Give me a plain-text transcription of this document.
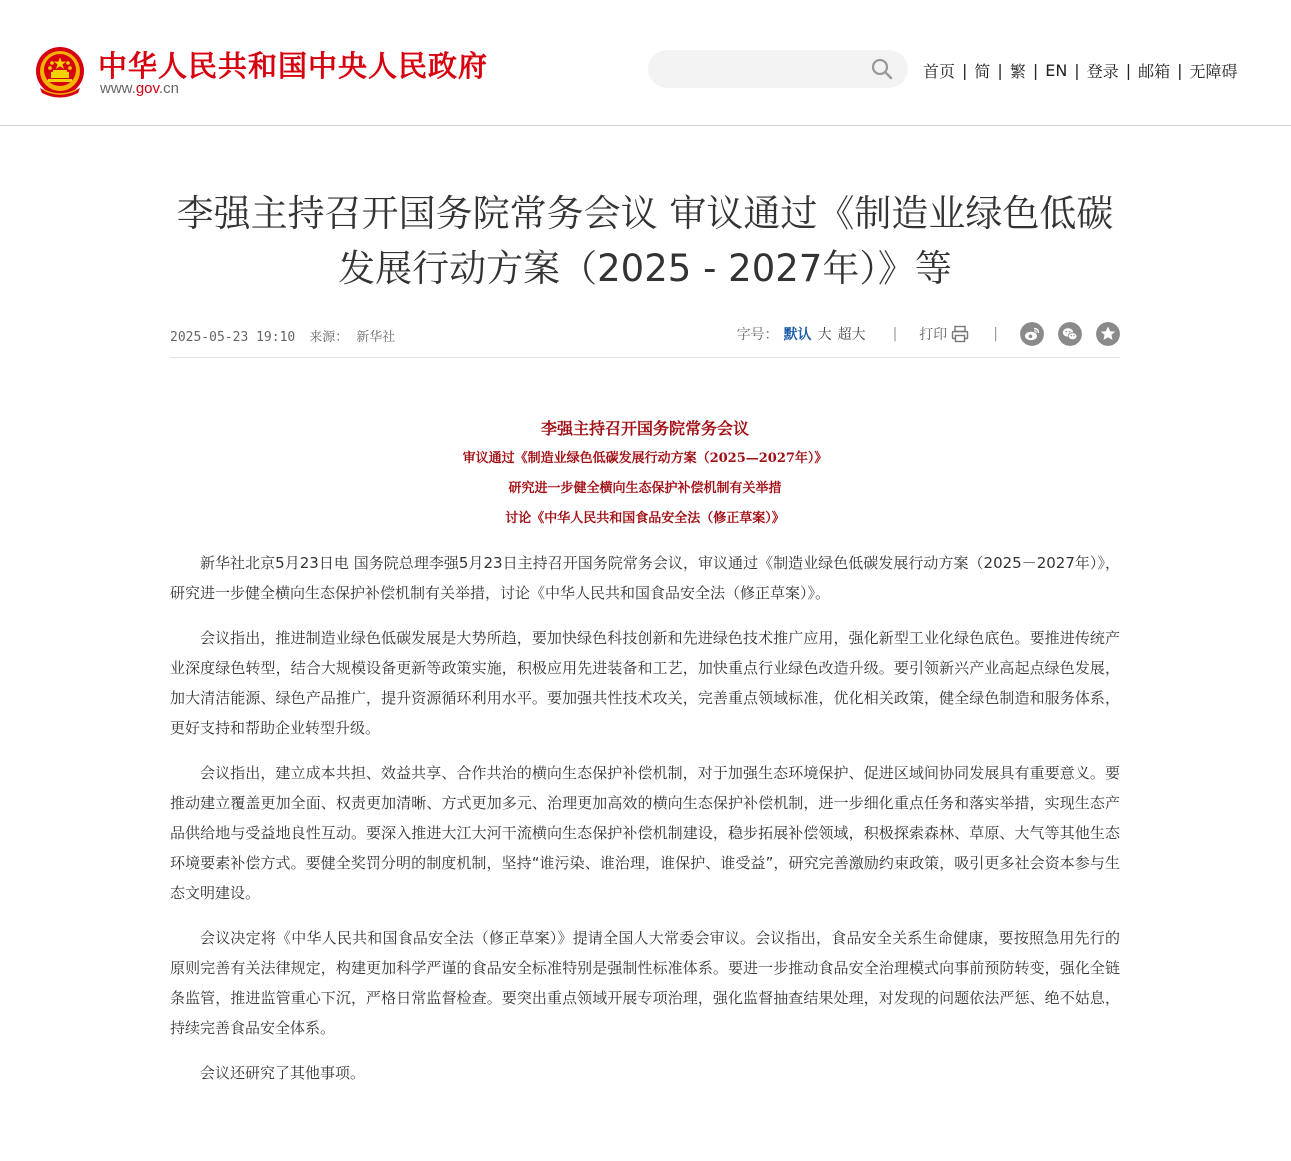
中华人民共和国中央人民政府
www.gov.cn
首页 | 简 | 繁 | EN | 登录 | 邮箱 | 无障碍
李强主持召开国务院常务会议 审议通过《制造业绿色低碳发展行动方案（2025 - 2027年）》等
2025-05-23 19:10 来源： 新华社	字号： 默认 大 超大 | 打印	|
李强主持召开国务院常务会议
审议通过《制造业绿色低碳发展行动方案（2025—2027年）》
研究进一步健全横向生态保护补偿机制有关举措
讨论《中华人民共和国食品安全法（修正草案）》

新华社北京5月23日电 国务院总理李强5月23日主持召开国务院常务会议，审议通过《制造业绿色低碳发展行动方案（2025－2027年）》，研究进一步健全横向生态保护补偿机制有关举措，讨论《中华人民共和国食品安全法（修正草案）》。

会议指出，推进制造业绿色低碳发展是大势所趋，要加快绿色科技创新和先进绿色技术推广应用，强化新型工业化绿色底色。要推进传统产业深度绿色转型，结合大规模设备更新等政策实施，积极应用先进装备和工艺，加快重点行业绿色改造升级。要引领新兴产业高起点绿色发展，加大清洁能源、绿色产品推广，提升资源循环利用水平。要加强共性技术攻关，完善重点领域标准，优化相关政策，健全绿色制造和服务体系，更好支持和帮助企业转型升级。

会议指出，建立成本共担、效益共享、合作共治的横向生态保护补偿机制，对于加强生态环境保护、促进区域间协同发展具有重要意义。要推动建立覆盖更加全面、权责更加清晰、方式更加多元、治理更加高效的横向生态保护补偿机制，进一步细化重点任务和落实举措，实现生态产品供给地与受益地良性互动。要深入推进大江大河干流横向生态保护补偿机制建设，稳步拓展补偿领域，积极探索森林、草原、大气等其他生态环境要素补偿方式。要健全奖罚分明的制度机制，坚持“谁污染、谁治理，谁保护、谁受益”，研究完善激励约束政策，吸引更多社会资本参与生态文明建设。

会议决定将《中华人民共和国食品安全法（修正草案）》提请全国人大常委会审议。会议指出，食品安全关系生命健康，要按照急用先行的原则完善有关法律规定，构建更加科学严谨的食品安全标准特别是强制性标准体系。要进一步推动食品安全治理模式向事前预防转变，强化全链条监管，推进监管重心下沉，严格日常监督检查。要突出重点领域开展专项治理，强化监督抽查结果处理，对发现的问题依法严惩、绝不姑息，持续完善食品安全体系。

会议还研究了其他事项。
